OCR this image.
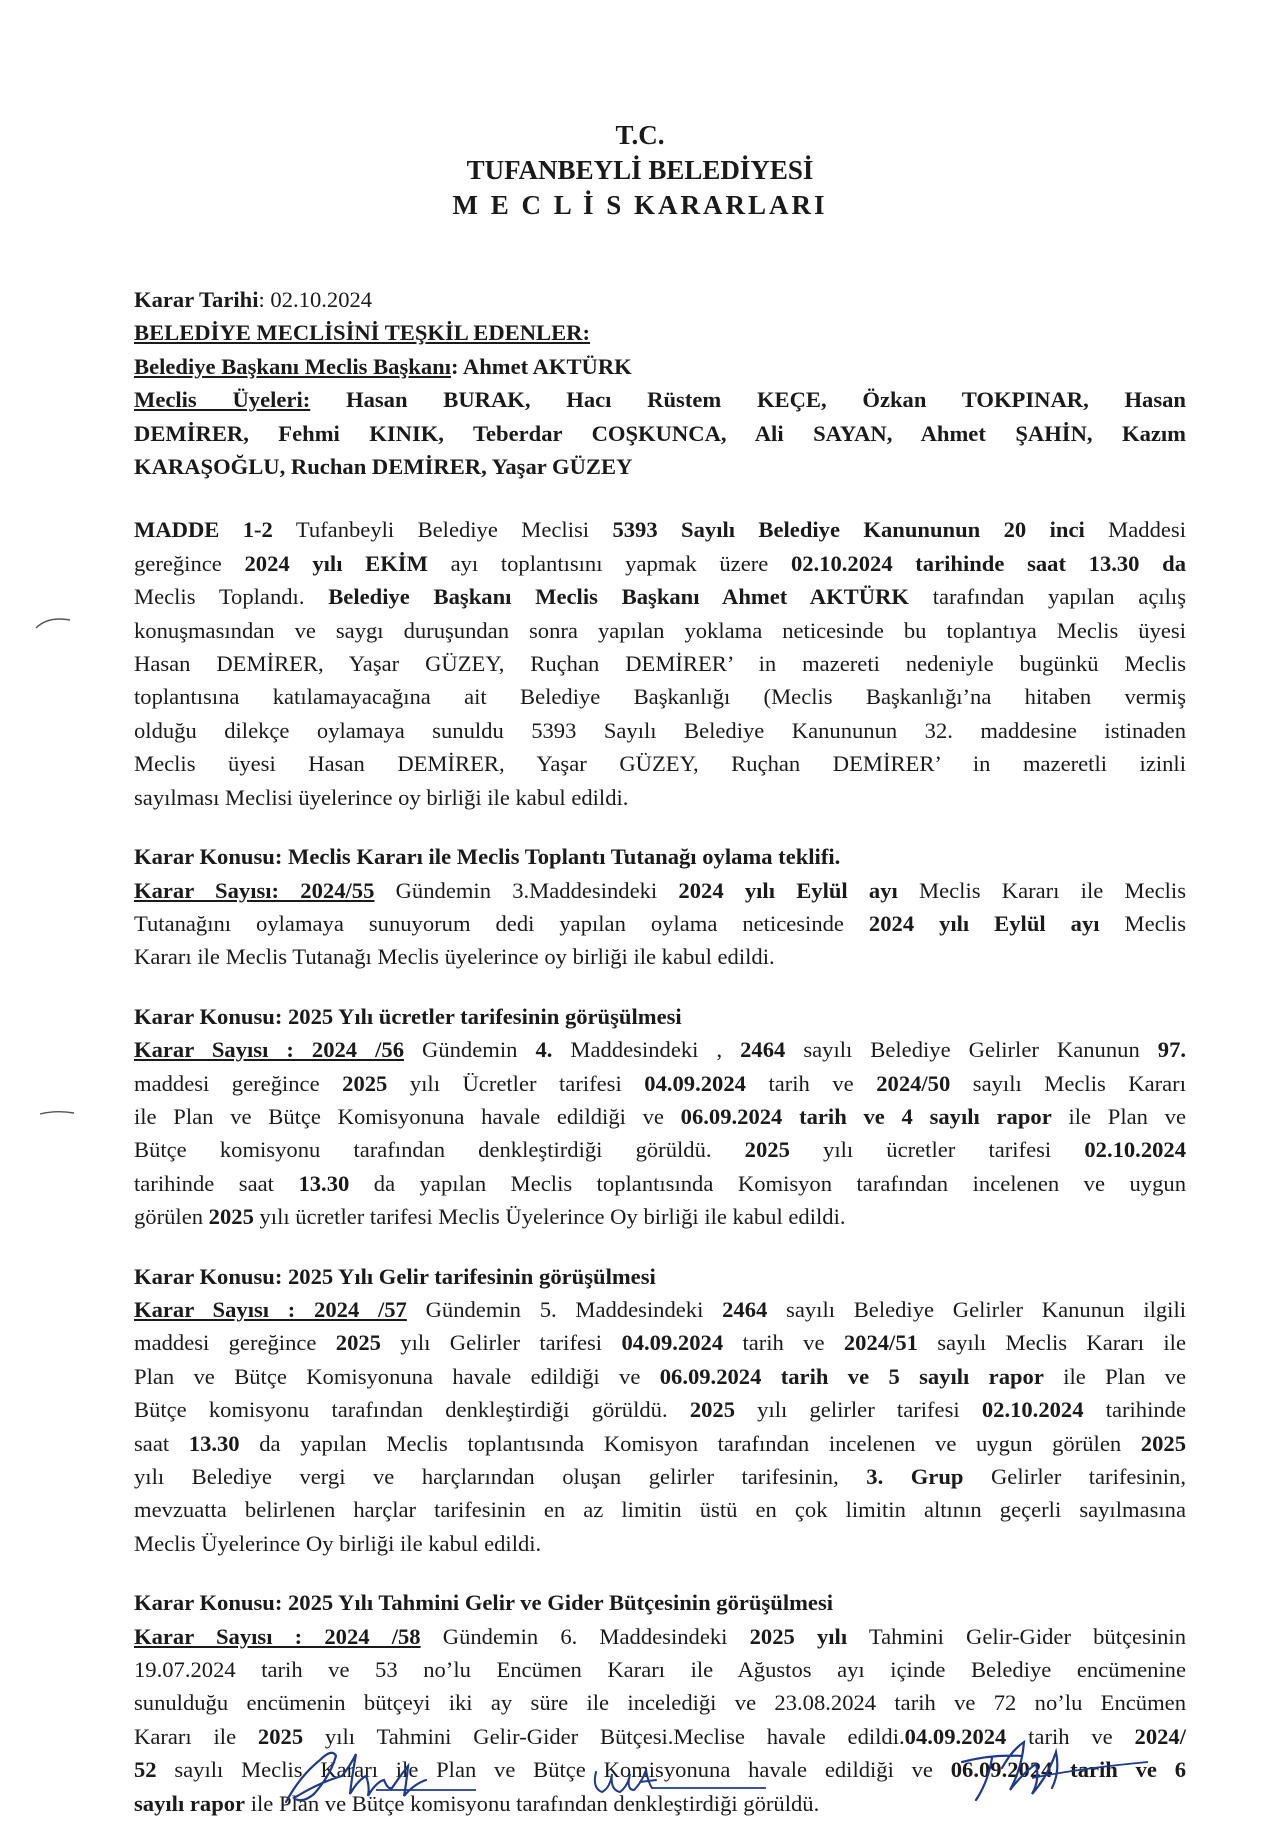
T.C.
TUFANBEYLİ BELEDİYESİ
M E C L İ S KARARLARI
Karar Tarihi: 02.10.2024
BELEDİYE MECLİSİNİ TEŞKİL EDENLER:
Belediye Başkanı Meclis Başkanı: Ahmet AKTÜRK
Meclis Üyeleri: Hasan BURAK, Hacı Rüstem KEÇE, Özkan TOKPINAR, Hasan
DEMİRER, Fehmi KINIK, Teberdar COŞKUNCA, Ali SAYAN, Ahmet ŞAHİN, Kazım
KARAŞOĞLU, Ruchan DEMİRER, Yaşar GÜZEY
MADDE 1-2 Tufanbeyli Belediye Meclisi 5393 Sayılı Belediye Kanununun 20 inci Maddesi
gereğince 2024 yılı EKİM ayı toplantısını yapmak üzere 02.10.2024 tarihinde saat 13.30 da
Meclis Toplandı. Belediye Başkanı Meclis Başkanı Ahmet AKTÜRK tarafından yapılan açılış
konuşmasından ve saygı duruşundan sonra yapılan yoklama neticesinde bu toplantıya Meclis üyesi
Hasan DEMİRER, Yaşar GÜZEY, Ruçhan DEMİRER’ in mazereti nedeniyle bugünkü Meclis
toplantısına katılamayacağına ait Belediye Başkanlığı (Meclis Başkanlığı’na hitaben vermiş
olduğu dilekçe oylamaya sunuldu 5393 Sayılı Belediye Kanununun 32. maddesine istinaden
Meclis üyesi Hasan DEMİRER, Yaşar GÜZEY, Ruçhan DEMİRER’ in mazeretli izinli
sayılması Meclisi üyelerince oy birliği ile kabul edildi.
Karar Konusu: Meclis Kararı ile Meclis Toplantı Tutanağı oylama teklifi.
Karar Sayısı: 2024/55 Gündemin 3.Maddesindeki 2024 yılı Eylül ayı Meclis Kararı ile Meclis
Tutanağını oylamaya sunuyorum dedi yapılan oylama neticesinde 2024 yılı Eylül ayı Meclis
Kararı ile Meclis Tutanağı Meclis üyelerince oy birliği ile kabul edildi.
Karar Konusu: 2025 Yılı ücretler tarifesinin görüşülmesi
Karar Sayısı : 2024 /56 Gündemin 4. Maddesindeki , 2464 sayılı Belediye Gelirler Kanunun 97.
maddesi gereğince 2025 yılı Ücretler tarifesi 04.09.2024 tarih ve 2024/50 sayılı Meclis Kararı
ile Plan ve Bütçe Komisyonuna havale edildiği ve 06.09.2024 tarih ve 4 sayılı rapor ile Plan ve
Bütçe komisyonu tarafından denkleştirdiği görüldü. 2025 yılı ücretler tarifesi 02.10.2024
tarihinde saat 13.30 da yapılan Meclis toplantısında Komisyon tarafından incelenen ve uygun
görülen 2025 yılı ücretler tarifesi Meclis Üyelerince Oy birliği ile kabul edildi.
Karar Konusu: 2025 Yılı Gelir tarifesinin görüşülmesi
Karar Sayısı : 2024 /57 Gündemin 5. Maddesindeki 2464 sayılı Belediye Gelirler Kanunun ilgili
maddesi gereğince 2025 yılı Gelirler tarifesi 04.09.2024 tarih ve 2024/51 sayılı Meclis Kararı ile
Plan ve Bütçe Komisyonuna havale edildiği ve 06.09.2024 tarih ve 5 sayılı rapor ile Plan ve
Bütçe komisyonu tarafından denkleştirdiği görüldü. 2025 yılı gelirler tarifesi 02.10.2024 tarihinde
saat 13.30 da yapılan Meclis toplantısında Komisyon tarafından incelenen ve uygun görülen 2025
yılı Belediye vergi ve harçlarından oluşan gelirler tarifesinin, 3. Grup Gelirler tarifesinin,
mevzuatta belirlenen harçlar tarifesinin en az limitin üstü en çok limitin altının geçerli sayılmasına
Meclis Üyelerince Oy birliği ile kabul edildi.
Karar Konusu: 2025 Yılı Tahmini Gelir ve Gider Bütçesinin görüşülmesi
Karar Sayısı : 2024 /58 Gündemin 6. Maddesindeki 2025 yılı Tahmini Gelir-Gider bütçesinin
19.07.2024 tarih ve 53 no’lu Encümen Kararı ile Ağustos ayı içinde Belediye encümenine
sunulduğu encümenin bütçeyi iki ay süre ile incelediği ve 23.08.2024 tarih ve 72 no’lu Encümen
Kararı ile 2025 yılı Tahmini Gelir-Gider Bütçesi.Meclise havale edildi.04.09.2024 tarih ve 2024/
52 sayılı Meclis Kararı ile Plan ve Bütçe Komisyonuna havale edildiği ve 06.09.2024 tarih ve 6
sayılı rapor ile Plan ve Bütçe komisyonu tarafından denkleştirdiği görüldü.
